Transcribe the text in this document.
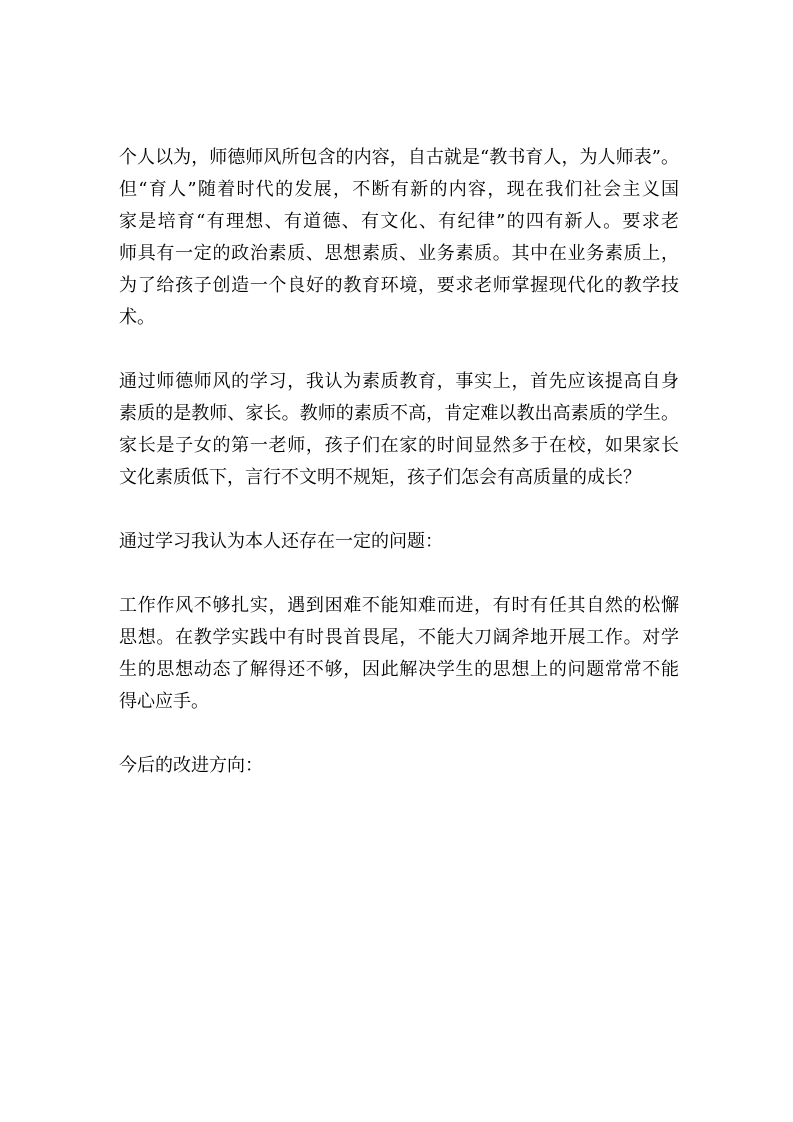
个人以为，师德师风所包含的内容，自古就是“教书育人，为人师表”。
但“育人”随着时代的发展，不断有新的内容，现在我们社会主义国
家是培育“有理想、有道德、有文化、有纪律”的四有新人。要求老
师具有一定的政治素质、思想素质、业务素质。其中在业务素质上，
为了给孩子创造一个良好的教育环境，要求老师掌握现代化的教学技
术。
通过师德师风的学习，我认为素质教育，事实上，首先应该提高自身
素质的是教师、家长。教师的素质不高，肯定难以教出高素质的学生。
家长是子女的第一老师，孩子们在家的时间显然多于在校，如果家长
文化素质低下，言行不文明不规矩，孩子们怎会有高质量的成长？
通过学习我认为本人还存在一定的问题：
工作作风不够扎实，遇到困难不能知难而进，有时有任其自然的松懈
思想。在教学实践中有时畏首畏尾，不能大刀阔斧地开展工作。对学
生的思想动态了解得还不够，因此解决学生的思想上的问题常常不能
得心应手。
今后的改进方向：
